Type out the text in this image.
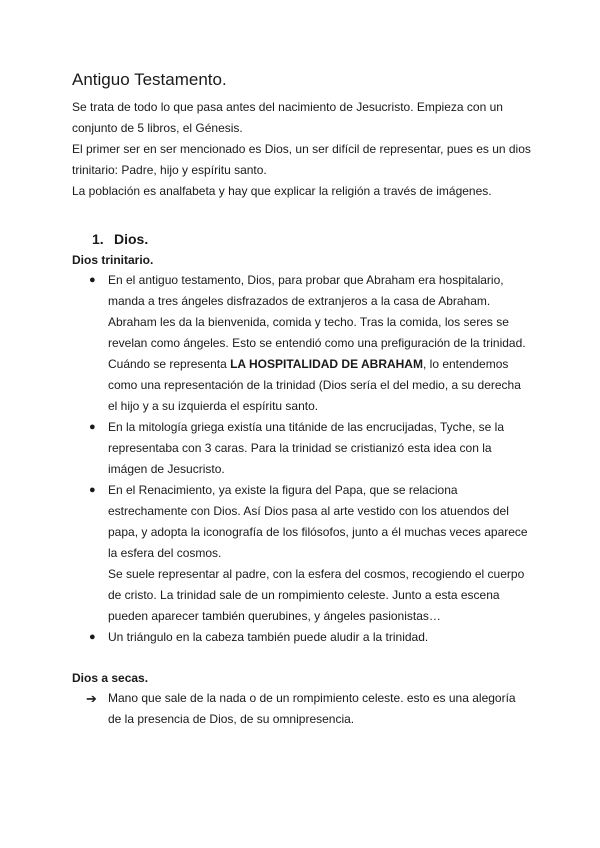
Antiguo Testamento.

Se trata de todo lo que pasa antes del nacimiento de Jesucristo. Empieza con un conjunto de 5 libros, el Génesis.

El primer ser en ser mencionado es Dios, un ser difícil de representar, pues es un dios trinitario: Padre, hijo y espíritu santo.

La población es analfabeta y hay que explicar la religión a través de imágenes.

1. Dios.
Dios trinitario.
● En el antiguo testamento, Dios, para probar que Abraham era hospitalario, manda a tres ángeles disfrazados de extranjeros a la casa de Abraham. Abraham les da la bienvenida, comida y techo. Tras la comida, los seres se revelan como ángeles. Esto se entendió como una prefiguración de la trinidad.
Cuándo se representa LA HOSPITALIDAD DE ABRAHAM, lo entendemos como una representación de la trinidad (Dios sería el del medio, a su derecha el hijo y a su izquierda el espíritu santo.
● En la mitología griega existía una titánide de las encrucijadas, Tyche, se la representaba con 3 caras. Para la trinidad se cristianizó esta idea con la imágen de Jesucristo.
● En el Renacimiento, ya existe la figura del Papa, que se relaciona estrechamente con Dios. Así Dios pasa al arte vestido con los atuendos del papa, y adopta la iconografía de los filósofos, junto a él muchas veces aparece la esfera del cosmos.
Se suele representar al padre, con la esfera del cosmos, recogiendo el cuerpo de cristo. La trinidad sale de un rompimiento celeste. Junto a esta escena pueden aparecer también querubines, y ángeles pasionistas…
● Un triángulo en la cabeza también puede aludir a la trinidad.
Dios a secas.
➔ Mano que sale de la nada o de un rompimiento celeste. esto es una alegoría de la presencia de Dios, de su omnipresencia.
